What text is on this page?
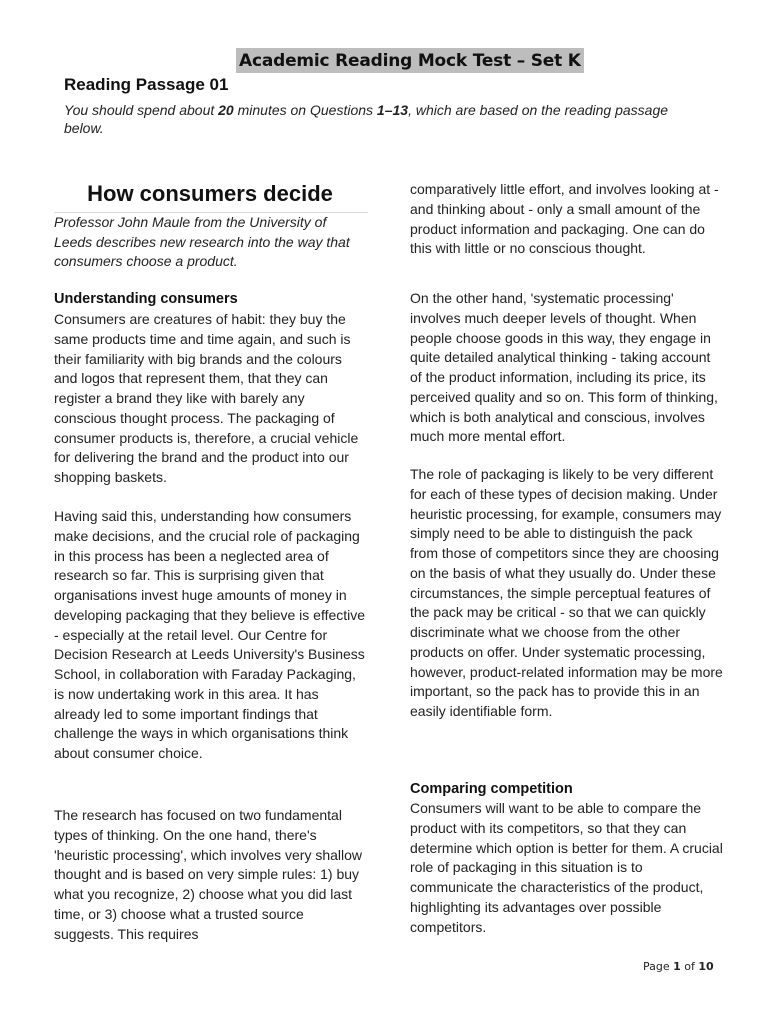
Academic Reading Mock Test – Set K
Reading Passage 01
You should spend about 20 minutes on Questions 1–13, which are based on the reading passage below.
How consumers decide
Professor John Maule from the University of Leeds describes new research into the way that consumers choose a product.
Understanding consumers
Consumers are creatures of habit: they buy the same products time and time again, and such is their familiarity with big brands and the colours and logos that represent them, that they can register a brand they like with barely any conscious thought process. The packaging of consumer products is, therefore, a crucial vehicle for delivering the brand and the product into our shopping baskets.
Having said this, understanding how consumers make decisions, and the crucial role of packaging in this process has been a neglected area of research so far. This is surprising given that organisations invest huge amounts of money in developing packaging that they believe is effective - especially at the retail level. Our Centre for Decision Research at Leeds University's Business School, in collaboration with Faraday Packaging, is now undertaking work in this area. It has already led to some important findings that challenge the ways in which organisations think about consumer choice.
The research has focused on two fundamental types of thinking. On the one hand, there's 'heuristic processing', which involves very shallow thought and is based on very simple rules: 1) buy what you recognize, 2) choose what you did last time, or 3) choose what a trusted source suggests. This requires
comparatively little effort, and involves looking at - and thinking about - only a small amount of the product information and packaging. One can do this with little or no conscious thought.
On the other hand, 'systematic processing' involves much deeper levels of thought. When people choose goods in this way, they engage in quite detailed analytical thinking - taking account of the product information, including its price, its perceived quality and so on. This form of thinking, which is both analytical and conscious, involves much more mental effort.
The role of packaging is likely to be very different for each of these types of decision making. Under heuristic processing, for example, consumers may simply need to be able to distinguish the pack from those of competitors since they are choosing on the basis of what they usually do. Under these circumstances, the simple perceptual features of the pack may be critical - so that we can quickly discriminate what we choose from the other products on offer. Under systematic processing, however, product-related information may be more important, so the pack has to provide this in an easily identifiable form.
Comparing competition
Consumers will want to be able to compare the product with its competitors, so that they can determine which option is better for them. A crucial role of packaging in this situation is to communicate the characteristics of the product, highlighting its advantages over possible competitors.
Page 1 of 10
